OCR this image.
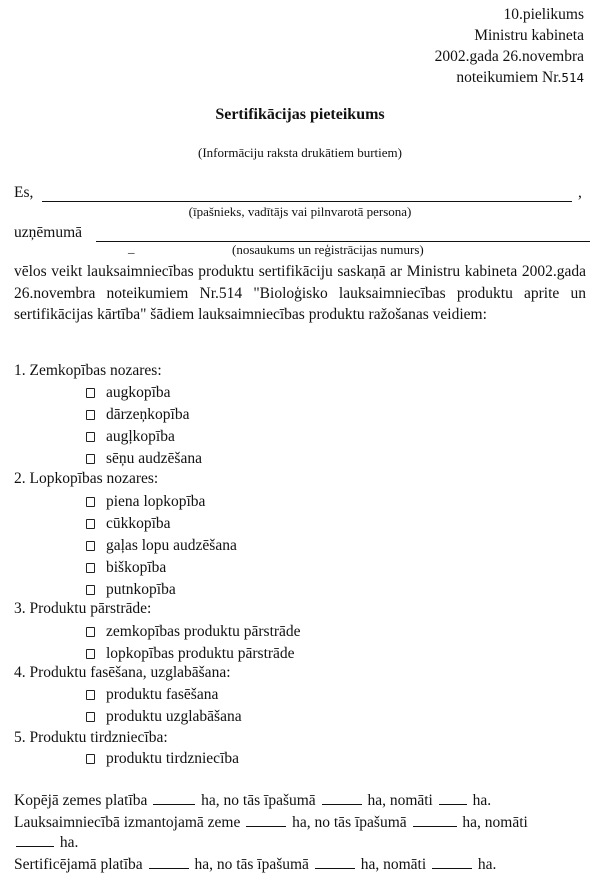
10.pielikums
Ministru kabineta
2002.gada 26.novembra
noteikumiem Nr.514
Sertifikācijas pieteikums
(Informāciju raksta drukātiem burtiem)
Es,	,
(īpašnieks, vadītājs vai pilnvarotā persona)
uzņēmumā
_	(nosaukums un reģistrācijas numurs)
vēlos veikt lauksaimniecības produktu sertifikāciju saskaņā ar Ministru kabineta 2002.gada 26.novembra noteikumiem Nr.514 "Bioloģisko lauksaimniecības produktu aprite un sertifikācijas kārtība" šādiem lauksaimniecības produktu ražošanas veidiem:
1. Zemkopības nozares:
augkopība
dārzeņkopība
augļkopība
sēņu audzēšana
2. Lopkopības nozares:
piena lopkopība
cūkkopība
gaļas lopu audzēšana
biškopība
putnkopība
3. Produktu pārstrāde:
zemkopības produktu pārstrāde
lopkopības produktu pārstrāde
4. Produktu fasēšana, uzglabāšana:
produktu fasēšana
produktu uzglabāšana
5. Produktu tirdzniecība:
produktu tirdzniecība
Kopējā zemes platība	ha, no tās īpašumā	ha, nomāti	ha.
Lauksaimniecībā izmantojamā zeme	ha, no tās īpašumā	ha, nomāti
ha.
Sertificējamā platība	ha, no tās īpašumā	ha, nomāti	ha.
